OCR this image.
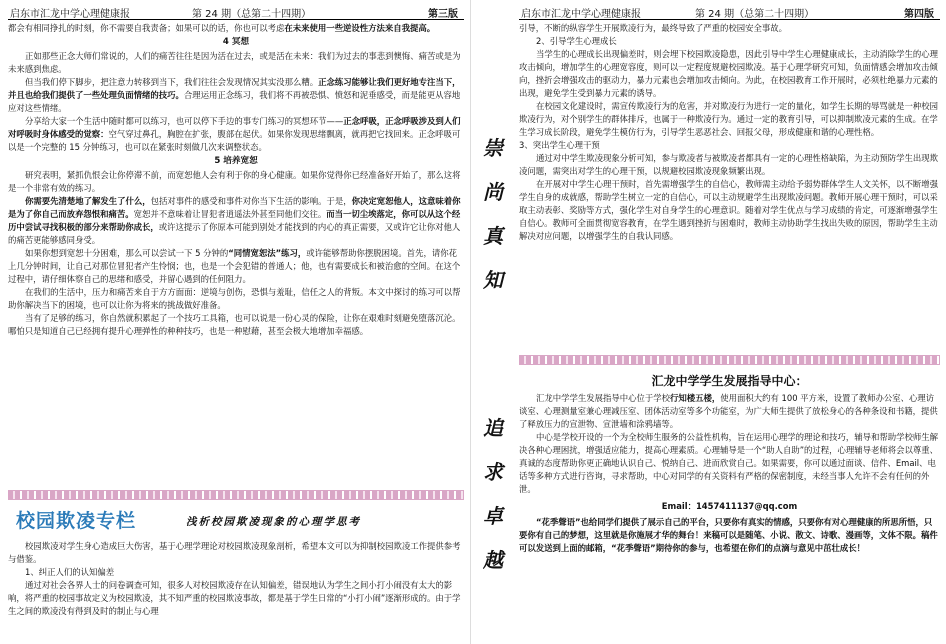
启东市汇龙中学心理健康报	第 24 期（总第二十四期）	第三版

都会有相同挣扎的时刻，你不需要自我责备；如果可以的话，你也可以考虑在未来使用一些逆设性方法来自我提高。

4 冥想

正如那些正念大师们常说的，人们的痛苦往往是因为活在过去，或是活在未来：我们为过去的事悲到懊悔、痛苦或是为未来感到焦虑。

但当我们停下脚步，把注意力转移到当下，我们往往会发现情况其实没那么糟。正念练习能够让我们更好地专注当下，并且也给我们提供了一些处理负面情绪的技巧。合理运用正念练习，我们将不再被恐惧、愤怒和泥垂感受，而是能更从容地应对这些情绪。

分享给大家一个生活中随时都可以练习，也可以停下手边的事专门练习的冥想环节——正念呼吸，正念呼吸涉及到人们对呼吸时身体感受的觉察：空气穿过鼻孔，胸腔在扩张，腹部在起伏。如果你发现思绪飘离，就再把它找回来。正念呼吸可以是一个完整的 15 分钟练习，也可以在紧张时刻做几次来调整状态。

5 培养宽恕

研究表明，紧抓仇恨会让你停滞不前，而宽恕他人会有利于你的身心健康。如果你觉得你已经准备好开始了，那么这将是一个非常有效的练习。

你需要先清楚地了解发生了什么，包括对事件的感受和事件对你当下生活的影响。于是，你决定宽恕他人，这意味着你是为了你自己而放弃怨恨和痛苦。宽恕并不意味着让冒犯者逍遥法外甚至同他们交往。而当一切尘埃落定，你可以从这个经历中尝试寻找积极的部分来帮助你成长，或许这提示了你原本可能到别处才能找到的内心的真正需要，又或许它让你对他人的痛苦更能够感同身受。

如果你想到宽恕十分困难，那么可以尝试一下 5 分钟的“同情宽恕法”练习，或许能够帮助你摆脱困境。首先，请你花上几分钟时间，让自己对那位冒犯者产生怜悯；也，也是一个会犯错的普通人；他，也有需要成长和被治愈的空间。在这个过程中，请仔细体察自己的思绪和感受，并留心遇到的任何阻力。

在我们的生活中，压力和痛苦来自于方方面面：逆境与创伤，恐惧与羞耻，信任之人的背叛。本文中探讨的练习可以帮助你解决当下的困境，也可以让你为将来的挑战做好准备。

当有了足够的练习，你自然就积累起了一个技巧工具箱，也可以说是一份心灵的保险，让你在艰难时刻避免堕落沉沦。哪怕只是知道自己已经拥有提升心理弹性的种种技巧，也是一种慰藉，甚至会极大地增加幸福感。

校园欺凌专栏	浅析校园欺凌现象的心理学思考

校园欺凌对学生身心造成巨大伤害，基于心理学理论对校园欺凌现象剖析，希望本文可以为抑制校园欺凌工作提供参考与借鉴。

1、纠正人们的认知偏差

通过对社会各界人士的问卷调查可知，很多人对校园欺凌存在认知偏差，错误地认为学生之间小打小闹没有太大的影响，将严重的校园事故定义为校园欺凌，其不知严重的校园欺凌事故，都是基于学生日常的“小打小闹”逐渐形成的。由于学生之间的欺凌没有得到及时的制止与心理

崇
尚
真
知
追
求
卓
越
启东市汇龙中学心理健康报	第 24 期（总第二十四期）	第四版

引导，不断的纵容学生开展欺凌行为，最终导致了严重的校园安全事故。

2、引导学生心理成长

当学生的心理成长出现偏差时，则会埋下校园欺凌隐患，因此引导中学生心理健康成长，主动消除学生的心理攻击倾向，增加学生的心理宽容度，则可以一定程度规避校园欺凌。基于心理学研究可知，负面情感会增加攻击倾向，挫折会增强攻击的驱动力，暴力元素也会增加攻击倾向。为此，在校园教育工作开展时，必须杜绝暴力元素的出现，避免学生受到暴力元素的诱导。

在校园文化建设时，需宣传欺凌行为的危害，并对欺凌行为进行一定的量化，如学生长期的辱骂就是一种校园欺凌行为，对个别学生的群体排斥，也属于一种欺凌行为。通过一定的教育引导，可以抑制欺凌元素的生成。在学生学习成长阶段，避免学生模仿行为，引导学生恶恶社会、回报父母，形成健康和谐的心理性格。

3、突出学生心理干预

通过对中学生欺凌现象分析可知，参与欺凌者与被欺凌者都具有一定的心理性格缺陷，为主动预防学生出现欺凌问题，需突出对学生的心理干预，以规避校园欺凌现象频繁出现。

在开展对中学生心理干预时，首先需增强学生的自信心，教师需主动给予弱势群体学生人文关怀，以不断增强学生自身的成就感，帮助学生树立一定的自信心，可以主动规避学生出现欺凌问题。教师开展心理干预时，可以采取主动表彰、奖励等方式，强化学生对自身学生的心理意识。随着对学生优点与学习成绩的肯定，可逐渐增强学生自信心。教师可全面贯彻宽容教育，在学生遇到挫折与困难时，教师主动协助学生找出失败的原因，帮助学生主动解决对应问题，以增强学生的自我认同感。

汇龙中学学生发展指导中心：

汇龙中学学生发展指导中心位于学校行知楼五楼，使用面积大约有 100 平方米，设置了教师办公室、心理访谈室、心理测量室兼心理减压室、团体活动室等多个功能室，为广大师生提供了放松身心的各种条设和书籍，提供了释放压力的宣泄物、宣泄墙和涂鸦墙等。

中心是学校开设的一个为全校师生服务的公益性机构，旨在运用心理学的理论和技巧，辅导和帮助学校师生解决各种心理困扰，增强适应能力，提高心理素质。心理辅导是一个“助人自助”的过程，心理辅导老师将会以尊重、真诚的态度帮助你更正确地认识自己、悦纳自己、进而欣赏自己。如果需要，你可以通过面谈、信件、Email、电话等多种方式进行咨询，寻求帮助，中心对同学的有关资料有严格的保密制度，未经当事人允许不会有任何的外泄。

Email：1457411137@qq.com

“花季聲语”也给同学们提供了展示自己的平台，只要你有真实的情感，只要你有对心理健康的所思所悟，只要你有自己的梦想，这里就是你施展才华的舞台！来稿可以是随笔、小说、散文、诗歌、漫画等，文体不限。稿件可以发送到上面的邮箱，“花季聲语”期待你的参与，也希望在你们的点滴与意见中茁壮成长！
